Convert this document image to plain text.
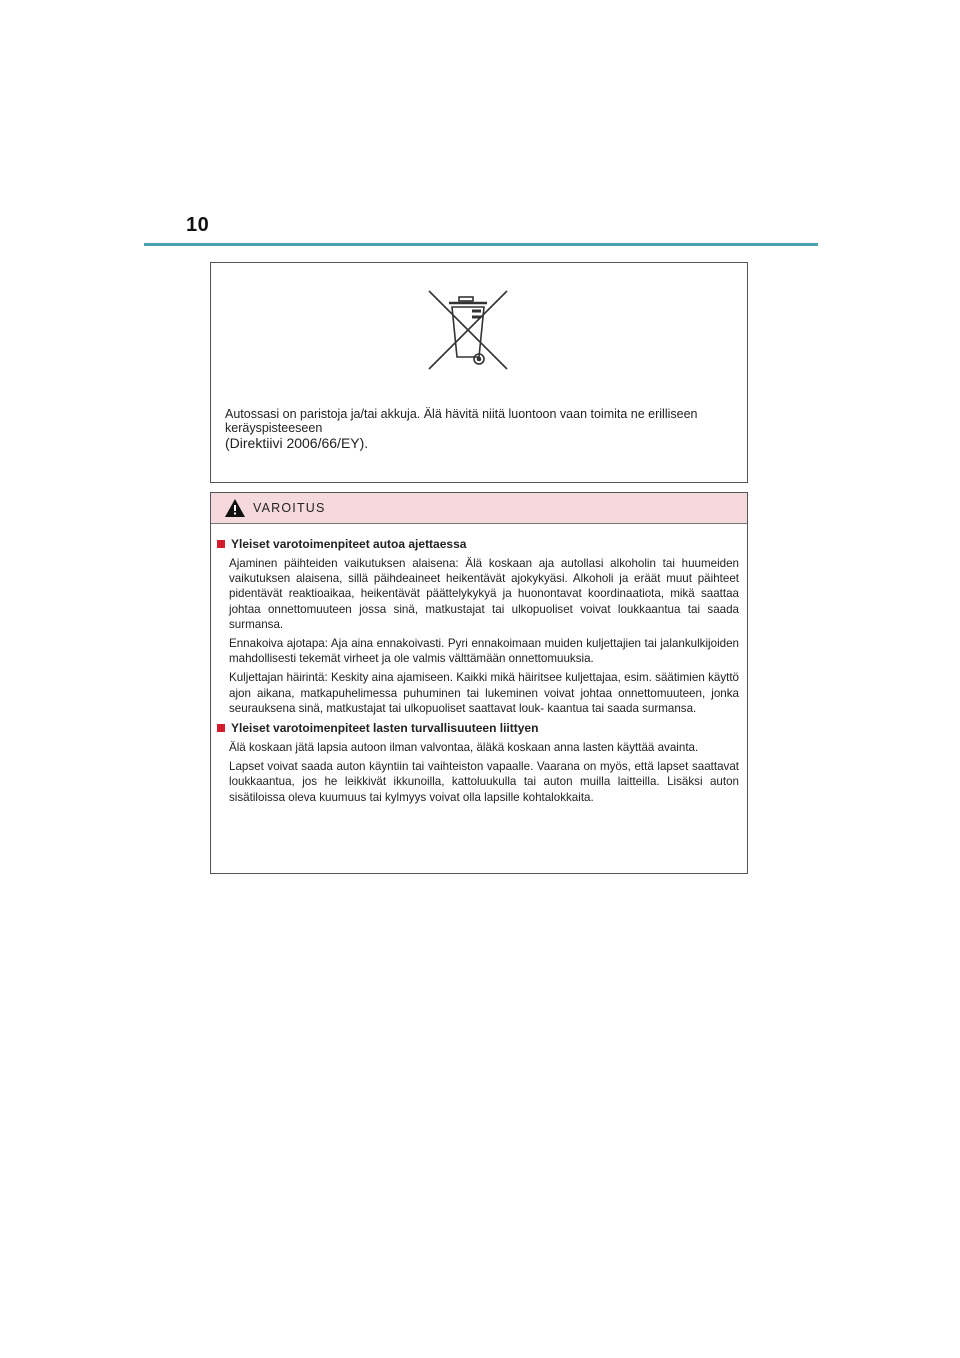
10
Autossasi on paristoja ja/tai akkuja. Älä hävitä niitä luontoon vaan toimita ne erilliseen keräyspisteeseen
(Direktiivi 2006/66/EY).
VAROITUS
Yleiset varotoimenpiteet autoa ajettaessa

Ajaminen päihteiden vaikutuksen alaisena: Älä koskaan aja autollasi alkoholin tai huumeiden vaikutuksen alaisena, sillä päihdeaineet heikentävät ajokykyäsi. Alkoholi ja eräät muut päihteet pidentävät reaktioaikaa, heikentävät päättelykykyä ja huonontavat koordinaatiota, mikä saattaa johtaa onnettomuuteen jossa sinä, matkustajat tai ulkopuoliset voivat loukkaantua tai saada surmansa.

Ennakoiva ajotapa: Aja aina ennakoivasti. Pyri ennakoimaan muiden kuljettajien tai jalankulkijoiden mahdollisesti tekemät virheet ja ole valmis välttämään onnettomuuksia.

Kuljettajan häirintä: Keskity aina ajamiseen. Kaikki mikä häiritsee kuljettajaa, esim. säätimien käyttö ajon aikana, matkapuhelimessa puhuminen tai lukeminen voivat johtaa onnettomuuteen, jonka seurauksena sinä, matkustajat tai ulkopuoliset saattavat louk- kaantua tai saada surmansa.

Yleiset varotoimenpiteet lasten turvallisuuteen liittyen

Älä koskaan jätä lapsia autoon ilman valvontaa, äläkä koskaan anna lasten käyttää avainta.

Lapset voivat saada auton käyntiin tai vaihteiston vapaalle. Vaarana on myös, että lapset saattavat loukkaantua, jos he leikkivät ikkunoilla, kattoluukulla tai auton muilla laitteilla. Lisäksi auton sisätiloissa oleva kuumuus tai kylmyys voivat olla lapsille kohtalokkaita.
